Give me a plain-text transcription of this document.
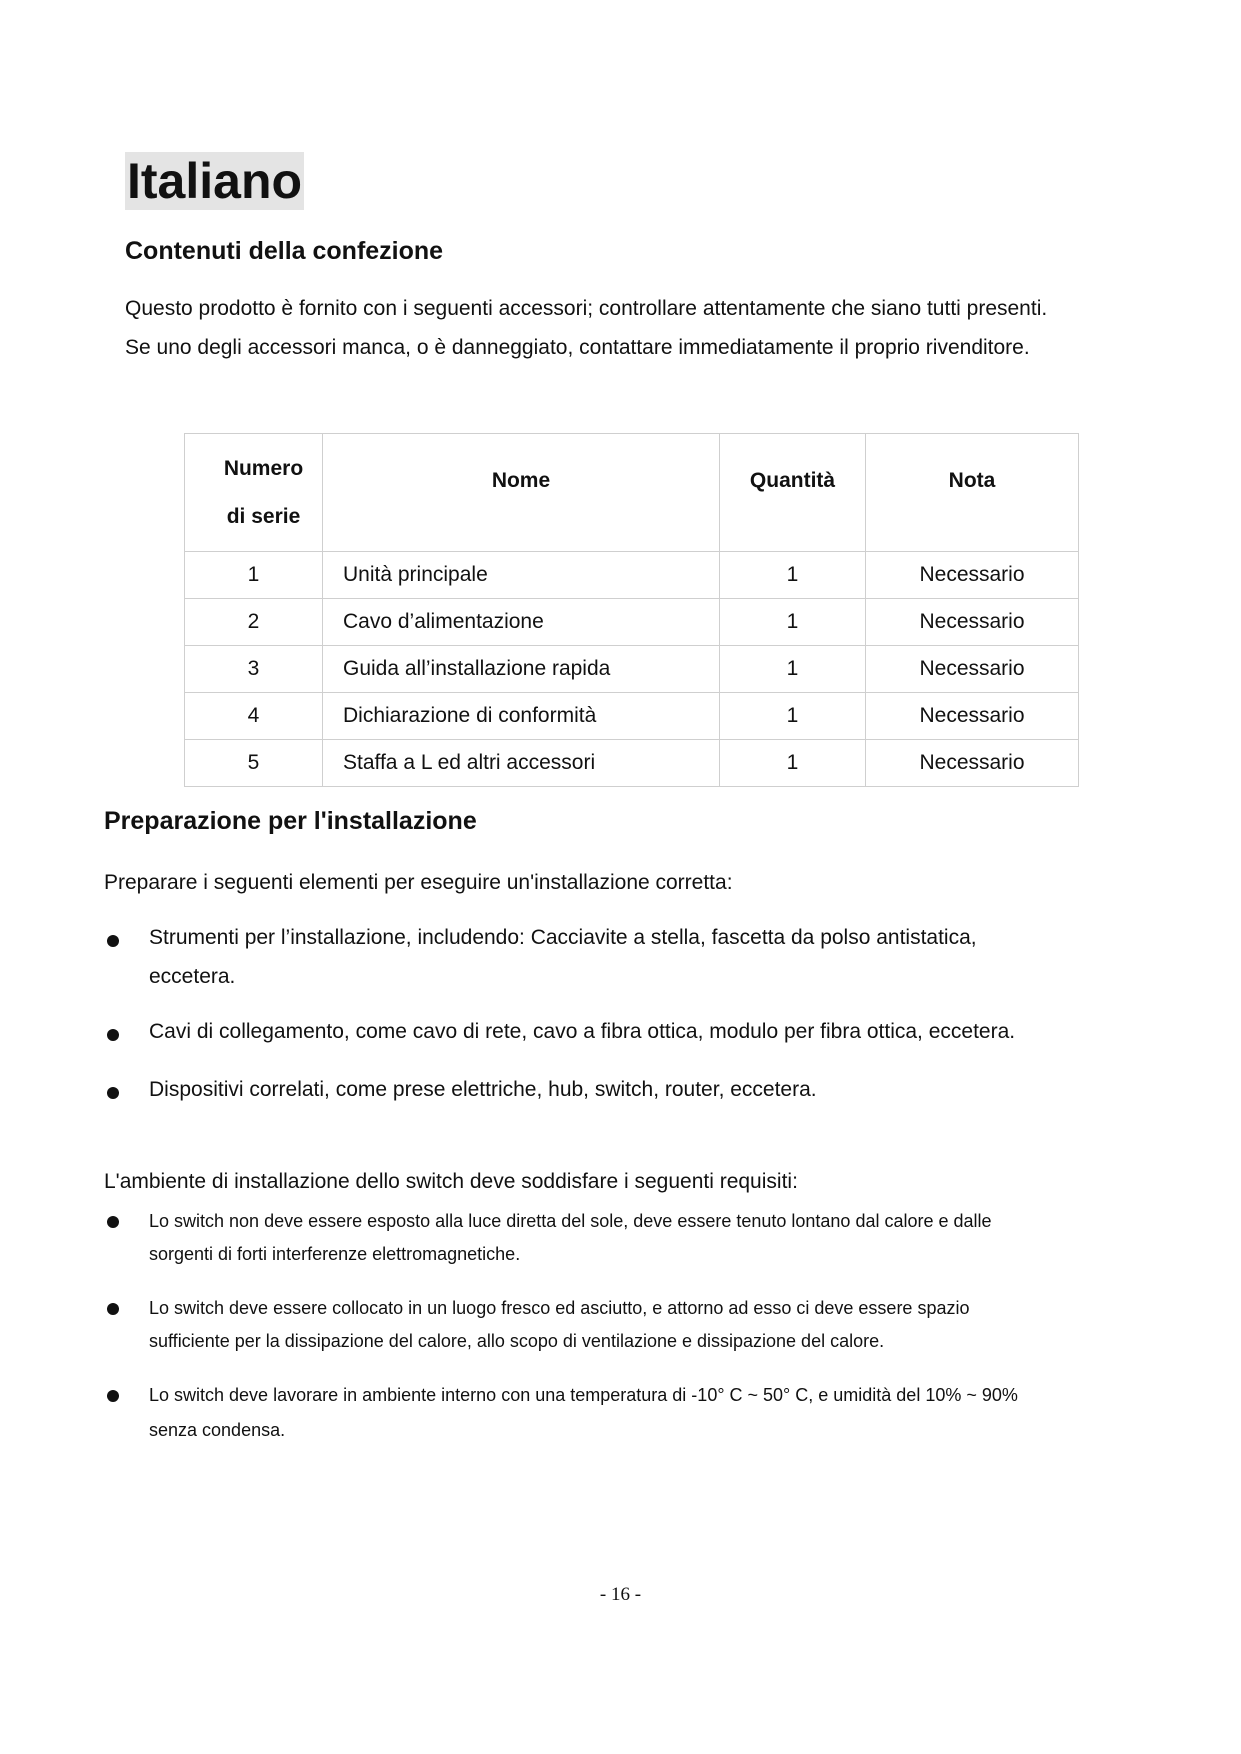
Italiano
Contenuti della confezione
Questo prodotto è fornito con i seguenti accessori; controllare attentamente che siano tutti presenti.
Se uno degli accessori manca, o è danneggiato, contattare immediatamente il proprio rivenditore.
Numero
di serie	Nome	Quantità	Nota
1	Unità principale	1	Necessario
2	Cavo d’alimentazione	1	Necessario
3	Guida all’installazione rapida	1	Necessario
4	Dichiarazione di conformità	1	Necessario
5	Staffa a L ed altri accessori	1	Necessario
Preparazione per l'installazione
Preparare i seguenti elementi per eseguire un'installazione corretta:
Strumenti per l’installazione, includendo: Cacciavite a stella, fascetta da polso antistatica,
eccetera.
Cavi di collegamento, come cavo di rete, cavo a fibra ottica, modulo per fibra ottica, eccetera.
Dispositivi correlati, come prese elettriche, hub, switch, router, eccetera.
L'ambiente di installazione dello switch deve soddisfare i seguenti requisiti:
Lo switch non deve essere esposto alla luce diretta del sole, deve essere tenuto lontano dal calore e dalle
sorgenti di forti interferenze elettromagnetiche.
Lo switch deve essere collocato in un luogo fresco ed asciutto, e attorno ad esso ci deve essere spazio
sufficiente per la dissipazione del calore, allo scopo di ventilazione e dissipazione del calore.
Lo switch deve lavorare in ambiente interno con una temperatura di -10° C ~ 50° C, e umidità del 10% ~ 90%
senza condensa.
- 16 -
